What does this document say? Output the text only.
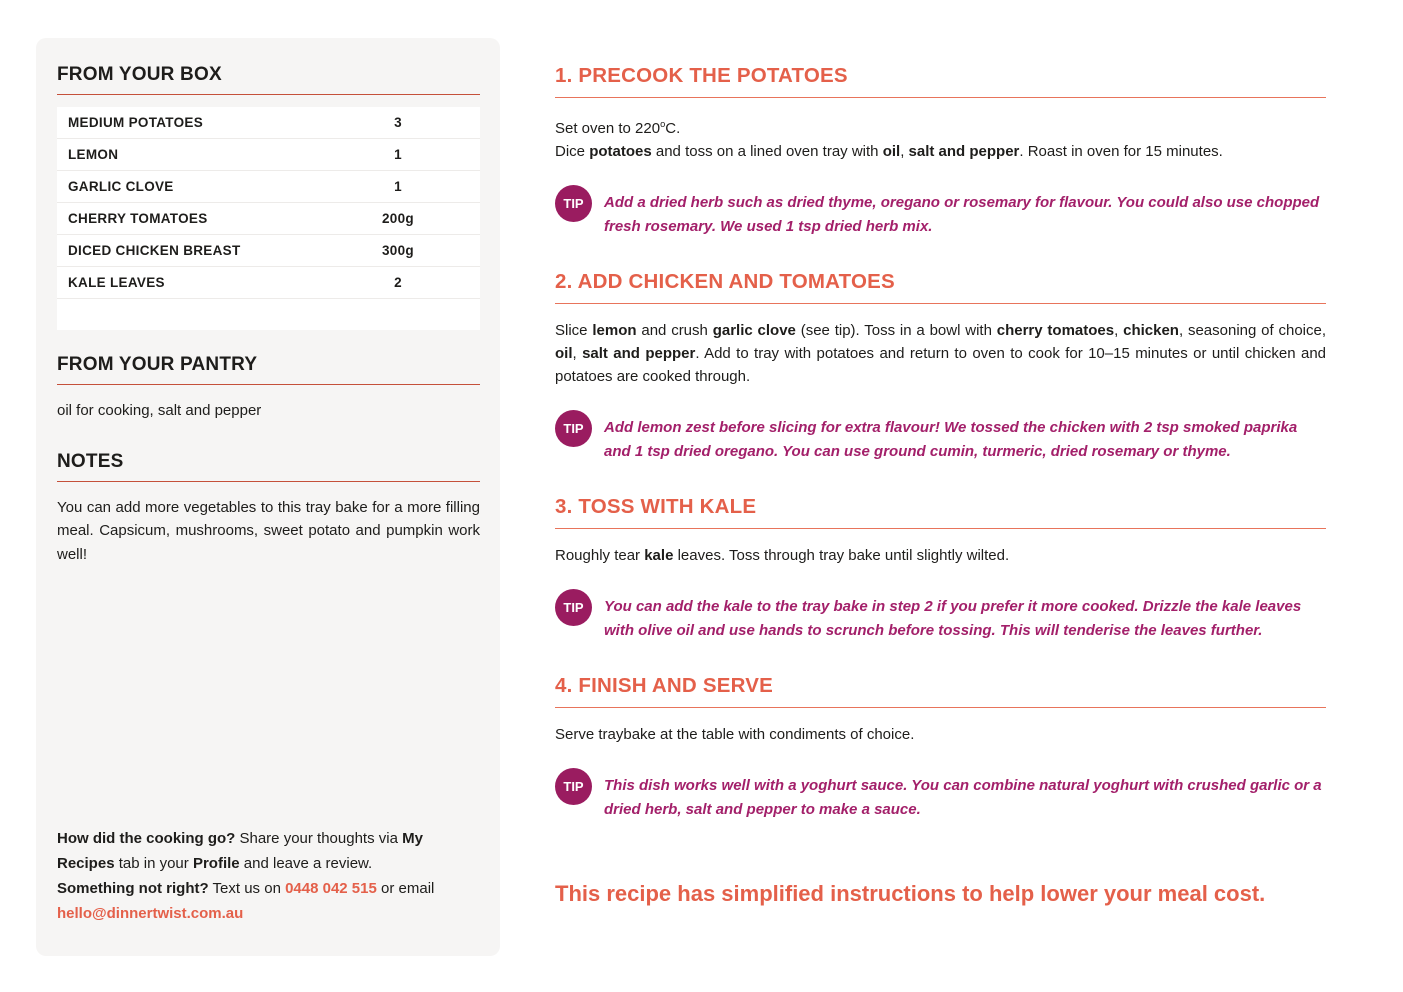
FROM YOUR BOX
MEDIUM POTATOES	3
LEMON	1
GARLIC CLOVE	1
CHERRY TOMATOES	200g
DICED CHICKEN BREAST	300g
KALE LEAVES	2
FROM YOUR PANTRY

oil for cooking, salt and pepper

NOTES

You can add more vegetables to this tray bake for a more filling meal. Capsicum, mushrooms, sweet potato and pumpkin work well!

How did the cooking go? Share your thoughts via My Recipes tab in your Profile and leave a review.
Something not right? Text us on 0448 042 515 or email hello@dinnertwist.com.au

1. PRECOOK THE POTATOES

Set oven to 220$^o$C.

Dice potatoes and toss on a lined oven tray with oil, salt and pepper. Roast in oven for 15 minutes.

TIP	Add a dried herb such as dried thyme, oregano or rosemary for flavour. You could also use chopped fresh rosemary. We used 1 tsp dried herb mix.

2. ADD CHICKEN AND TOMATOES

Slice lemon and crush garlic clove (see tip). Toss in a bowl with cherry tomatoes, chicken, seasoning of choice, oil, salt and pepper. Add to tray with potatoes and return to oven to cook for 10–15 minutes or until chicken and potatoes are cooked through.

TIP	Add lemon zest before slicing for extra flavour! We tossed the chicken with 2 tsp smoked paprika and 1 tsp dried oregano. You can use ground cumin, turmeric, dried rosemary or thyme.

3. TOSS WITH KALE

Roughly tear kale leaves. Toss through tray bake until slightly wilted.

TIP	You can add the kale to the tray bake in step 2 if you prefer it more cooked. Drizzle the kale leaves with olive oil and use hands to scrunch before tossing. This will tenderise the leaves further.

4. FINISH AND SERVE

Serve traybake at the table with condiments of choice.

TIP	This dish works well with a yoghurt sauce. You can combine natural yoghurt with crushed garlic or a dried herb, salt and pepper to make a sauce.

This recipe has simplified instructions to help lower your meal cost.
